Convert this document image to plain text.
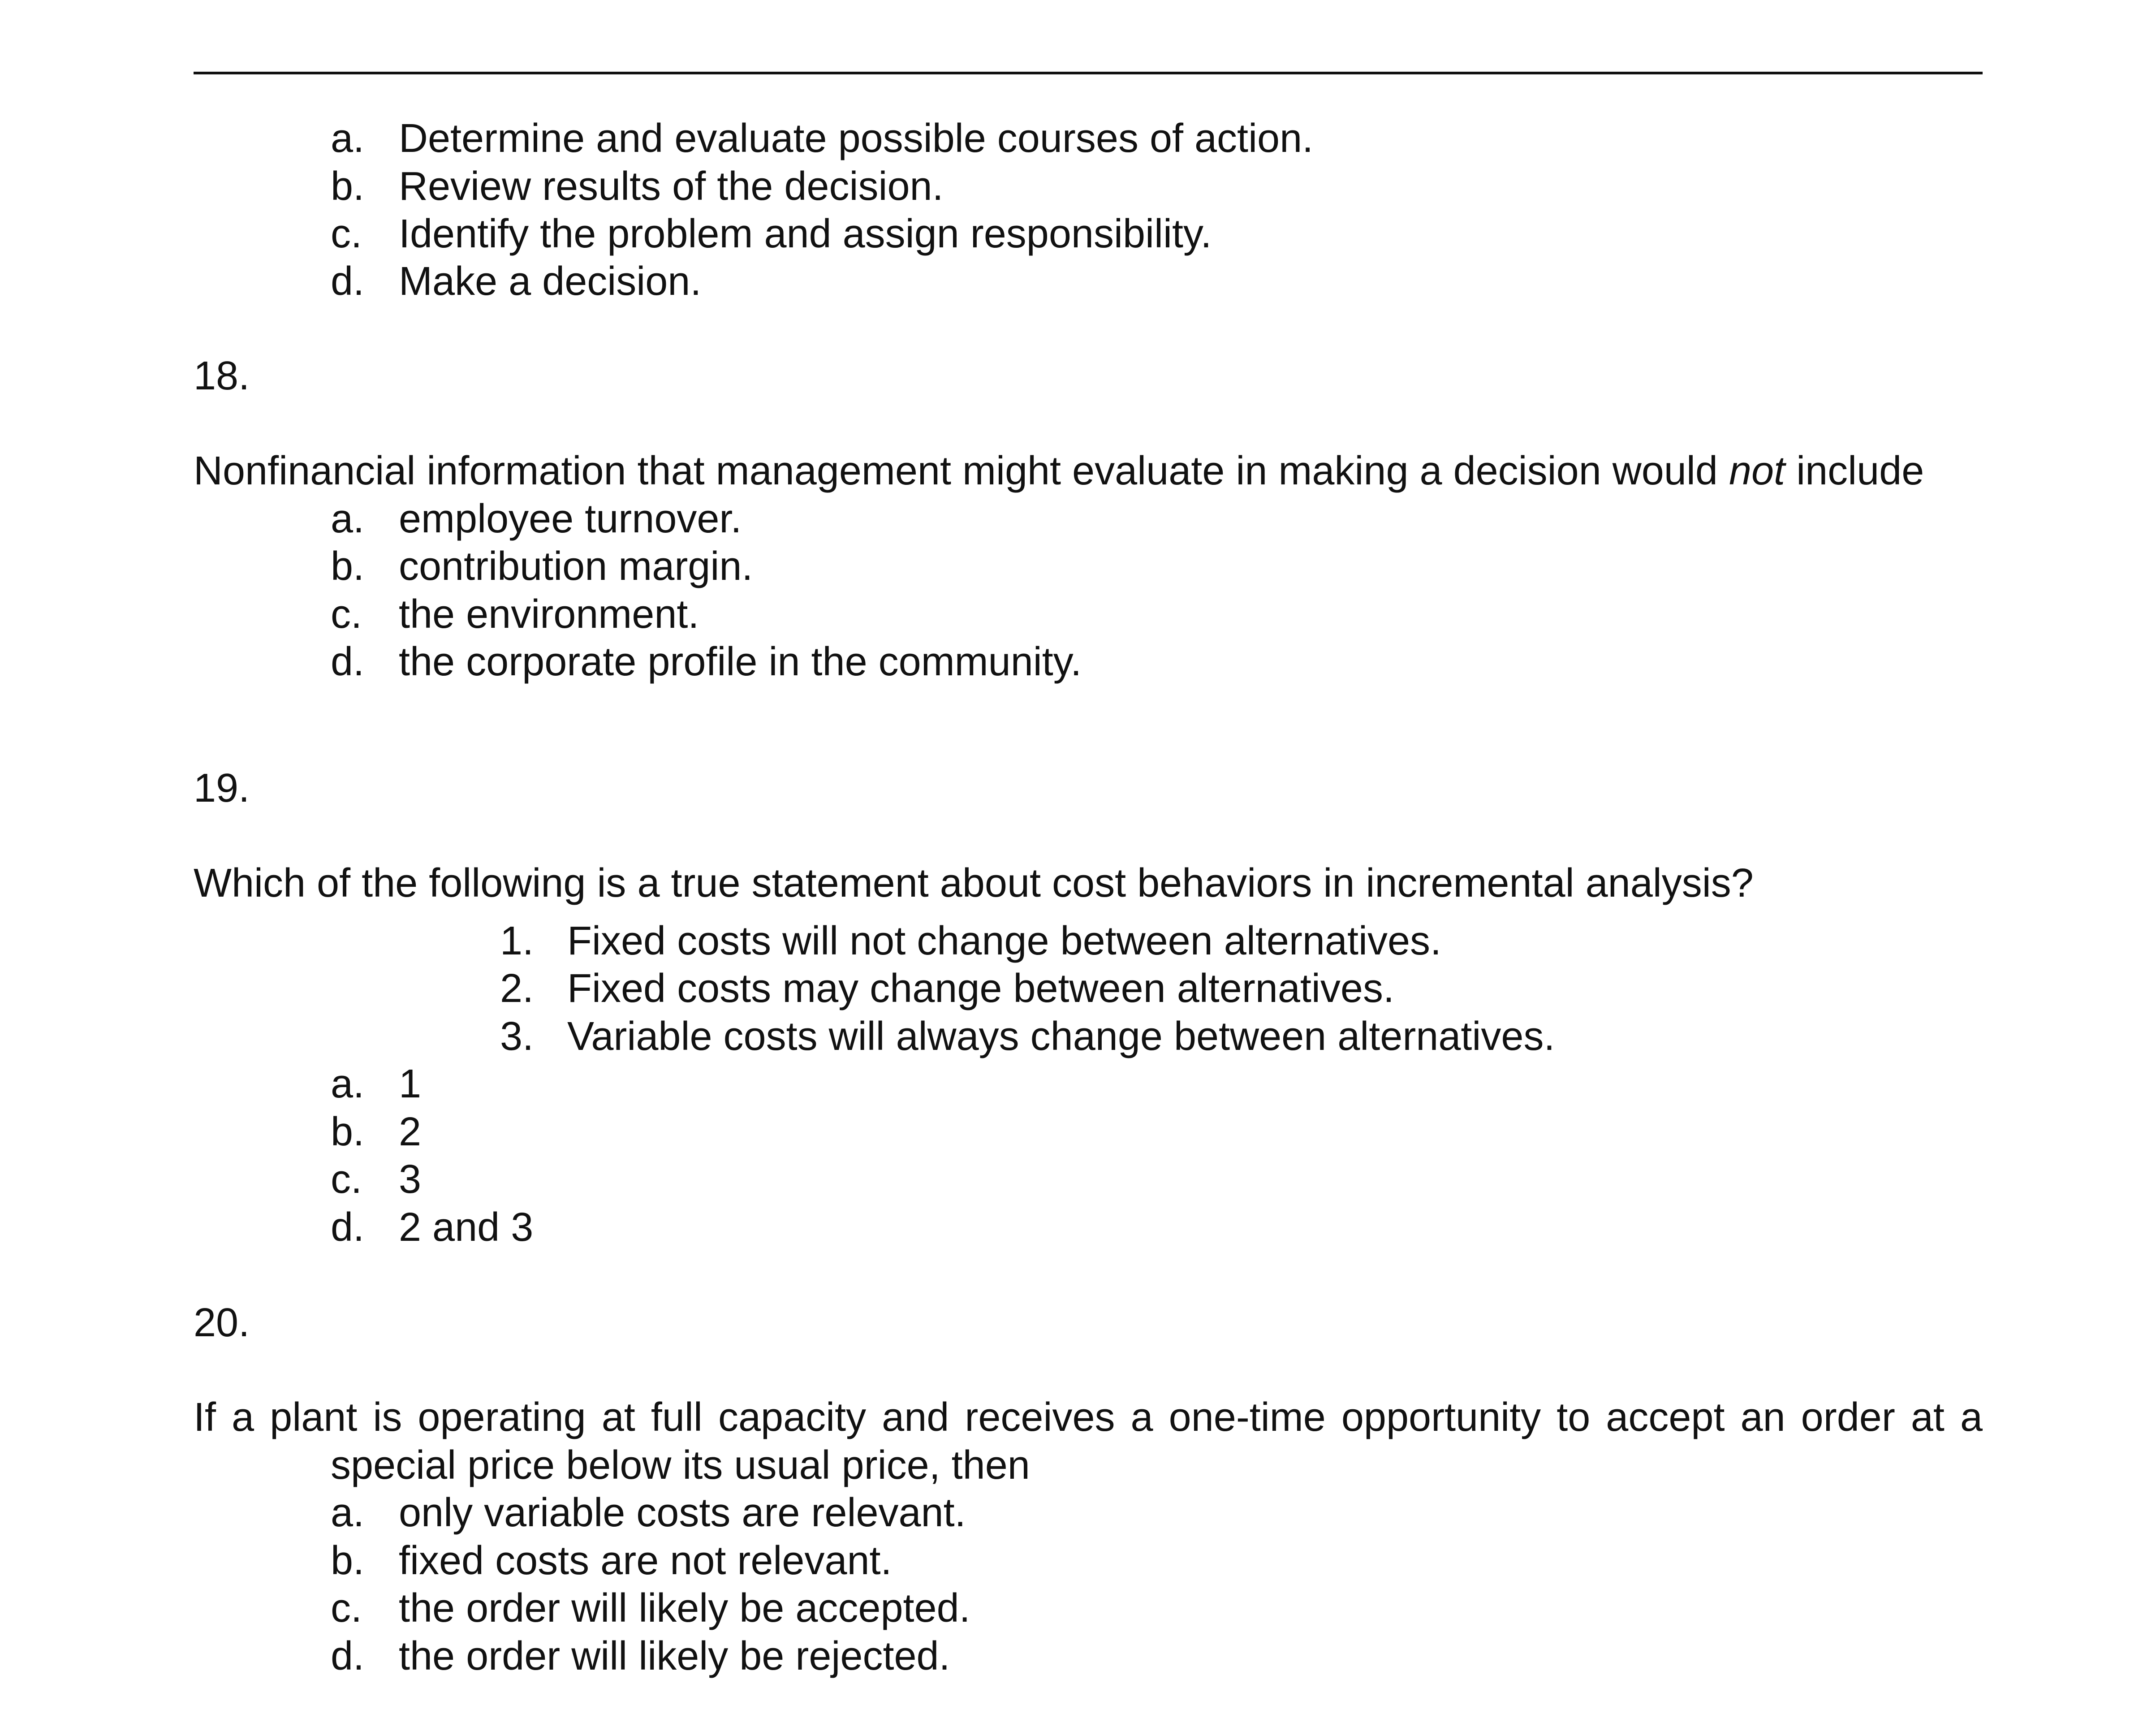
a. Determine and evaluate possible courses of action.
b. Review results of the decision.
c. Identify the problem and assign responsibility.
d. Make a decision.
18.
Nonfinancial information that management might evaluate in making a decision would not include
a. employee turnover.
b. contribution margin.
c. the environment.
d. the corporate profile in the community.
19.
Which of the following is a true statement about cost behaviors in incremental analysis?
1. Fixed costs will not change between alternatives.
2. Fixed costs may change between alternatives.
3. Variable costs will always change between alternatives.
a. 1
b. 2
c. 3
d. 2 and 3
20.
If a plant is operating at full capacity and receives a one-time opportunity to accept an order at a
special price below its usual price, then
a. only variable costs are relevant.
b. fixed costs are not relevant.
c. the order will likely be accepted.
d. the order will likely be rejected.
